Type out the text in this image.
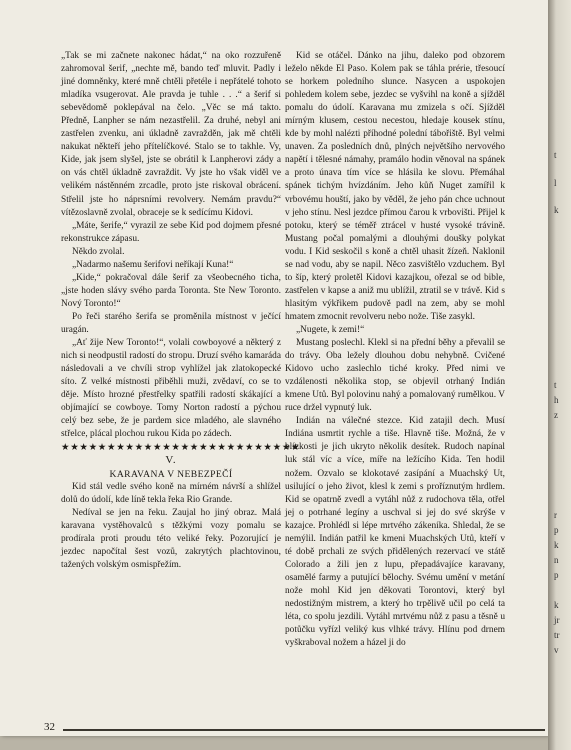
„Tak se mi začnete nakonec hádat,“ na oko rozzuřeně zahromoval šerif, „nechte mě, bando teď mluvit. Padly i jiné domněnky, které mně chtěli přetéle i nepřátelé tohoto mladíka vsugerovat. Ale pravda je tuhle . . .“ a šerif si sebevědomě poklepával na čelo. „Věc se má takto. Předně, Lanpher se nám nezastřelil. Za druhé, nebyl ani zastřelen zvenku, ani úkladně zavražděn, jak mě chtěli nakukat někteří jeho přítelíčkové. Stalo se to takhle. Vy, Kide, jak jsem slyšel, jste se obrátil k Lanpherovi zády a on vás chtěl úkladně zavraždit. Vy jste ho však viděl ve velikém nástěnném zrcadle, proto jste riskoval obrácení. Střelil jste ho náprsními revolvery. Nemám pravdu?“ vítězoslavně zvolal, obraceje se k sedícímu Kidovi.

„Máte, šerife,“ vyrazil ze sebe Kid pod dojmem přesné rekonstrukce zápasu.

Někdo zvolal.

„Nadarmo našemu šerifovi neříkají Kuna!“

„Kide,“ pokračoval dále šerif za všeobecného ticha, „jste hoden slávy svého parda Toronta. Ste New Toronto. Nový Toronto!“

Po řeči starého šerifa se proměnila místnost v ječící uragán.

„Ať žije New Toronto!“, volali cowboyové a některý z nich si neodpustil radostí do stropu. Druzí svého kamaráda následovali a ve chvíli strop vyhlížel jak zlatokopecké síto. Z velké místnosti přiběhli muži, zvědaví, co se to děje. Místo hrozné přestřelky spatřili radostí skákající a objímající se cowboye. Tomy Norton radostí a pýchou celý bez sebe, že je pardem sice mladého, ale slavného střelce, plácal plochou rukou Kida po zádech.

★★★★★★★★★★★★★★★★★★★★★★★★★★

V.

KARAVANA V NEBEZPEČÍ

Kid stál vedle svého koně na mírném návrší a shlížel dolů do údolí, kde líně tekla řeka Rio Grande.

Nedíval se jen na řeku. Zaujal ho jiný obraz. Malá karavana vystěhovalců s těžkými vozy pomalu se prodírala proti proudu této veliké řeky. Pozorující je jezdec napočítal šest vozů, zakrytých plachtovinou, tažených volským osmispřežím.

Kid se otáčel. Dánko na jihu, daleko pod obzorem leželo někde El Paso. Kolem pak se táhla prérie, třesoucí se horkem poledního slunce. Nasycen a uspokojen pohledem kolem sebe, jezdec se vyšvihl na koně a sjížděl pomalu do údolí. Karavana mu zmizela s očí. Sjížděl mírným klusem, cestou necestou, hledaje kousek stínu, kde by mohl nalézti příhodné polední tábořiště. Byl velmi unaven. Za posledních dnů, plných největšího nervového napětí i tělesné námahy, pramálo hodin věnoval na spánek a proto únava tím více se hlásila ke slovu. Přemáhal spánek tichým hvízdáním. Jeho kůň Nuget zamířil k vrbovému houští, jako by věděl, že jeho pán chce uchnout v jeho stínu. Nesl jezdce přímou čarou k vrbovišti. Přijel k potoku, který se téměř ztrácel v husté vysoké trávině. Mustang počal pomalými a dlouhými doušky polykat vodu. I Kid seskočil s koně a chtěl uhasit žízeň. Naklonil se nad vodu, aby se napil. Něco zasvištělo vzduchem. Byl to šíp, který proletěl Kidovi kazajkou, ořezal se od bible, zastřelen v kapse a aniž mu ublížil, ztratil se v trávě. Kid s hlasitým výkřikem pudově padl na zem, aby se mohl hmatem zmocnit revolveru nebo nože. Tiše zasykl.

„Nugete, k zemi!“

Mustang poslechl. Klekl si na přední běhy a převalil se do trávy. Oba ležely dlouhou dobu nehybně. Cvičené Kidovo ucho zaslechlo tiché kroky. Před nimi ve vzdálenosti několika stop, se objevil otrhaný Indián kmene Utů. Byl polovinu nahý a pomalovaný rumělkou. V ruce držel vypnutý luk.

Indián na válečné stezce. Kid zatajil dech. Musí Indiána usmrtit rychle a tiše. Hlavně tiše. Možná, že v blízkosti je jich ukryto několik desítek. Rudoch napínal luk stál víc a více, míře na ležícího Kida. Ten hodil nožem. Ozvalo se klokotavé zasípání a Muachský Ut, usilující o jeho život, klesl k zemi s proříznutým hrdlem. Kid se opatrně zvedl a vytáhl nůž z rudochova těla, otřel jej o potrhané legíny a uschval si jej do své skrýše v kazajce. Prohlédl si lépe mrtvého zákeníka. Shledal, že se nemýlil. Indián patřil ke kmeni Muachských Utů, kteří v té době prchali ze svých přidělených rezervací ve státě Colorado a žili jen z lupu, přepadávajíce karavany, osamělé farmy a putující bělochy. Svému umění v metání nože mohl Kid jen děkovati Torontovi, který byl nedostižným mistrem, a který ho trpělivě učil po celá ta léta, co spolu jezdili. Vytáhl mrtvému nůž z pasu a těsně u potůčku vyřízl veliký kus vlhké trávy. Hlínu pod drnem vyškraboval nožem a házel ji do

32
t
l
k
t
h
z
r
p
k
n
p
k
jr
tr
v
